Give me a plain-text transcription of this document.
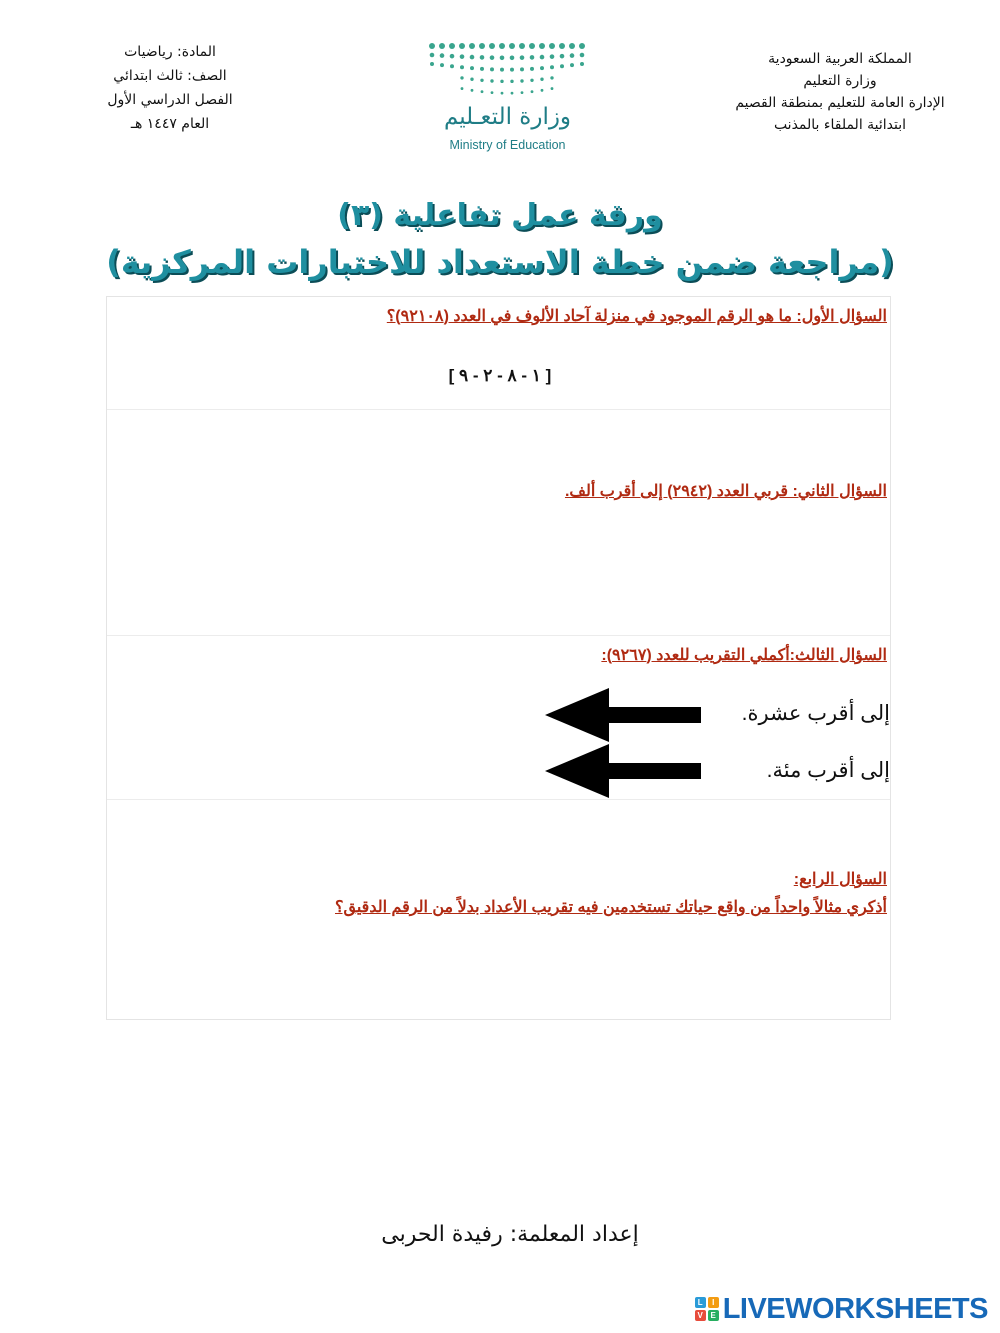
المملكة العربية السعودية
وزارة التعليم
الإدارة العامة للتعليم بمنطقة القصيم
ابتدائية الملقاء بالمذنب
وزارة التعـليم
Ministry of Education
المادة: رياضيات
الصف: ثالث ابتدائي
الفصل الدراسي الأول
العام ١٤٤٧ هـ
ورقة عمل تفاعلية (٣)
(مراجعة ضمن خطة الاستعداد للاختبارات المركزية)
السؤال الأول: ما هو الرقم الموجود في منزلة آحاد الألوف في العدد (٩٢١٠٨)؟
[ ١ - ٨ - ٢ - ٩ ]
السؤال الثاني: قربي العدد (٢٩٤٢) إلى أقرب ألف.
السؤال الثالث:أكملي التقريب للعدد (٩٢٦٧):
إلى أقرب عشرة.
إلى أقرب مئة.
السؤال الرابع:
أذكري مثالاً واحداً من واقع حياتك تستخدمين فيه تقريب الأعداد بدلاً من الرقم الدقيق؟
إعداد المعلمة: رفيدة الحربى
L	I
V E LIVEWORKSHEETS
